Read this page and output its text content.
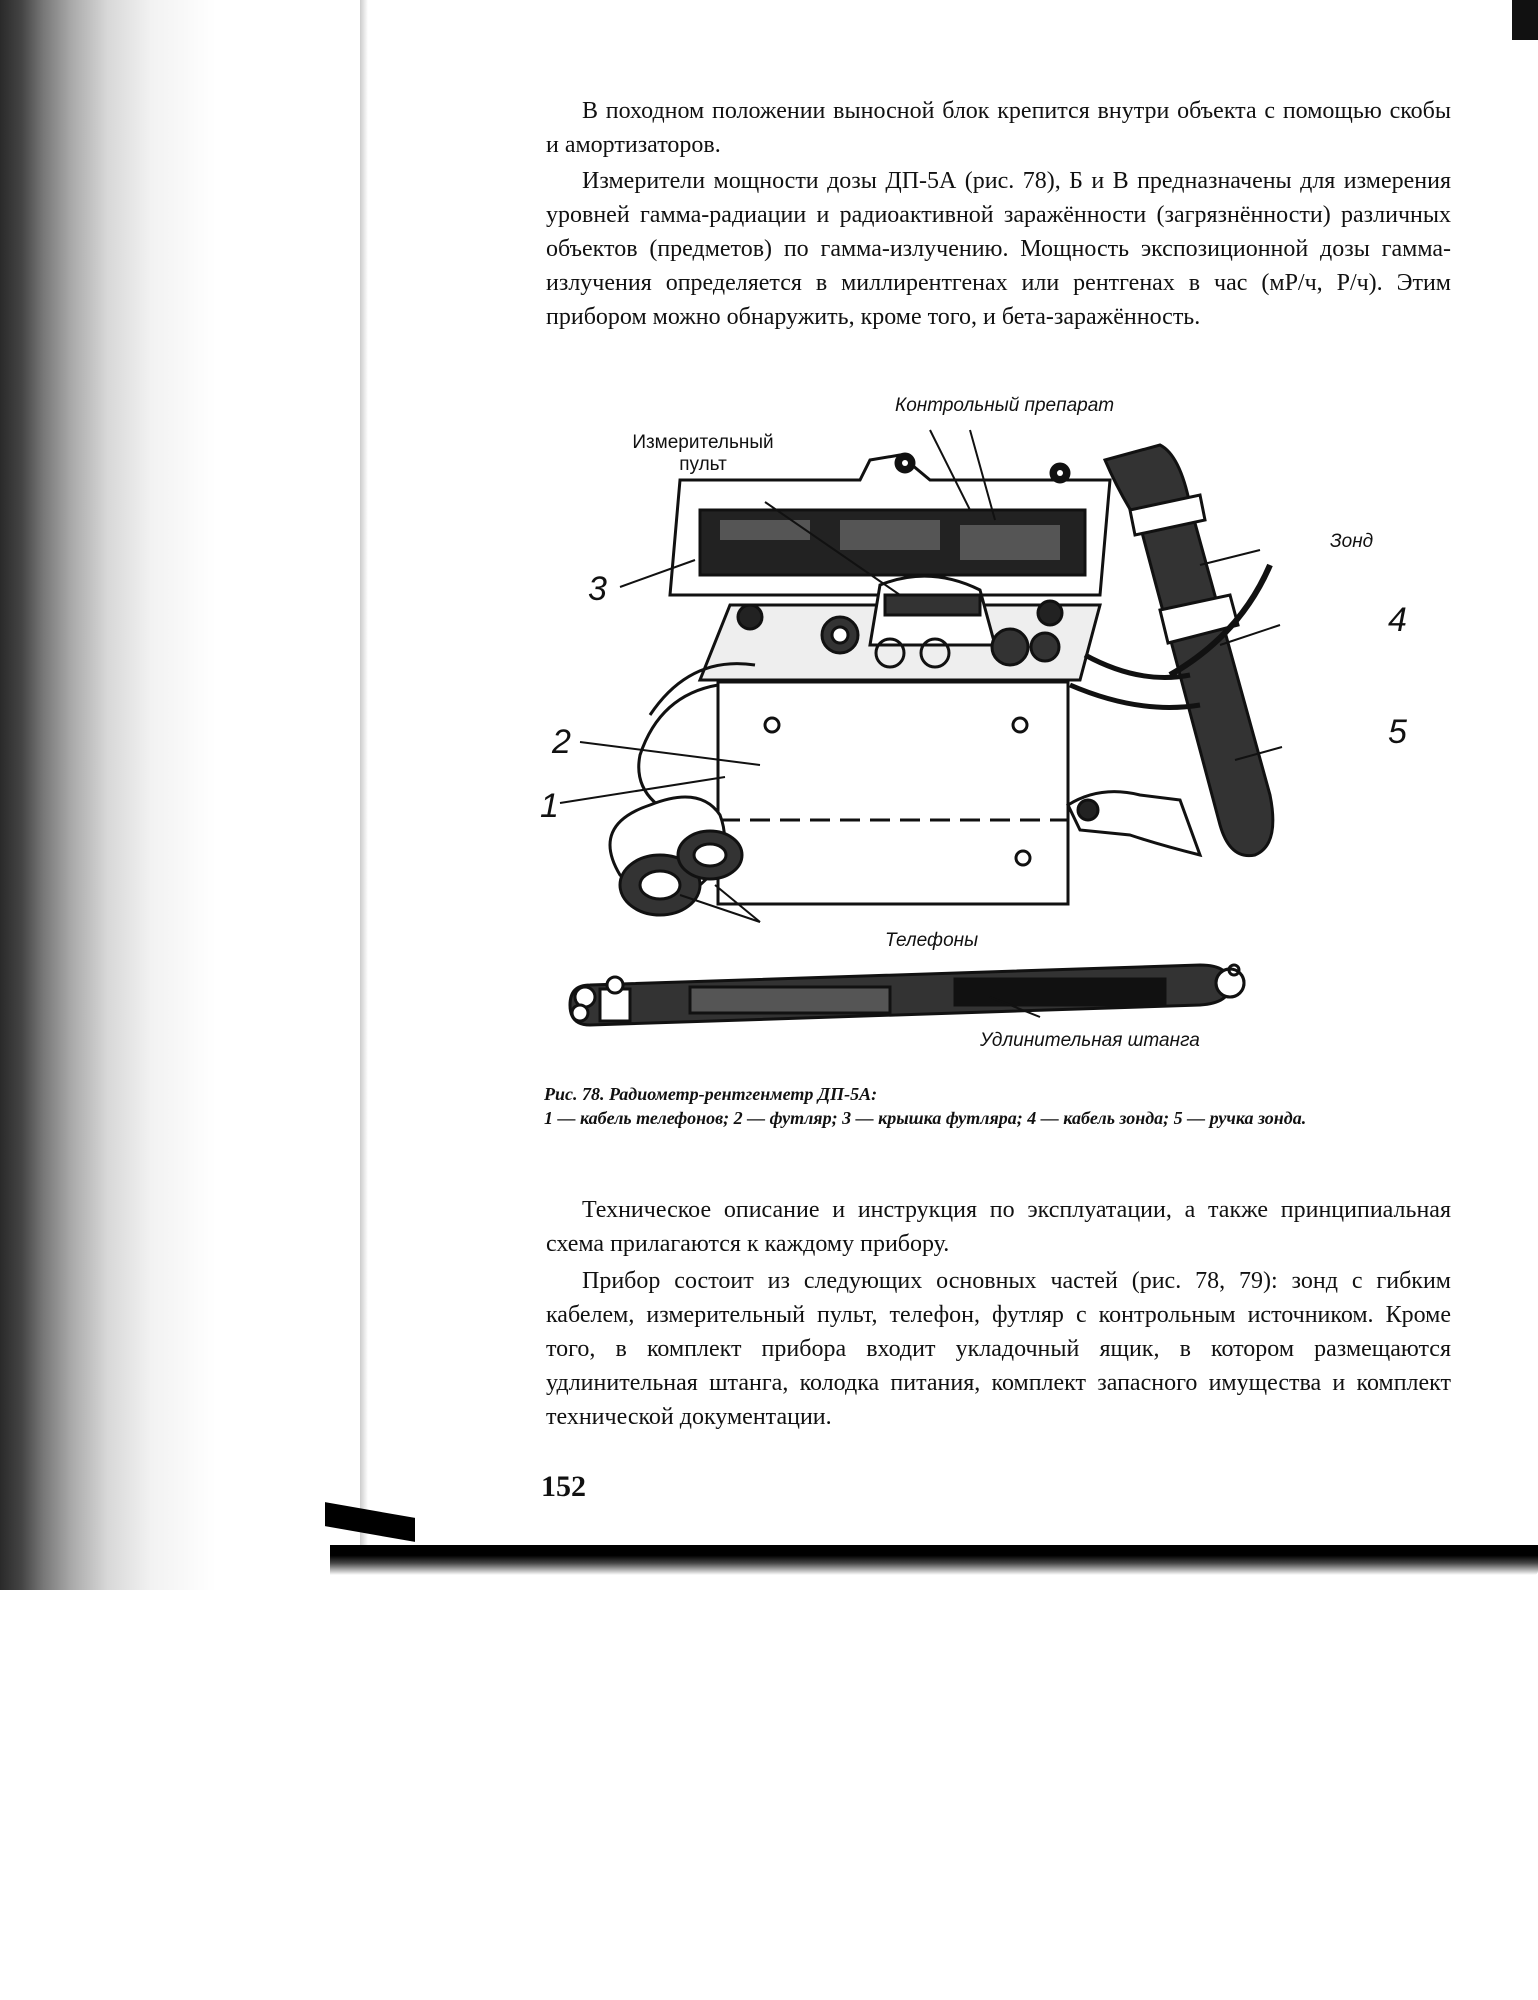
В походном положении выносной блок крепится внутри объекта с помощью скобы и амортизаторов.

Измерители мощности дозы ДП-5А (рис. 78), Б и В предназначены для измерения уровней гамма-радиации и радиоактивной заражённости (загрязнённости) различных объектов (предметов) по гамма-излучению. Мощность экспозиционной дозы гамма-излучения определяется в миллирентгенах или рентгенах в час (мР/ч, Р/ч). Этим прибором можно обнаружить, кроме того, и бета-заражённость.

Контрольный препарат
Измерительный пульт
Зонд
Телефоны
Удлинительная штанга
3
2
1
4
5
Рис. 78. Радиометр-рентгенметр ДП-5А:
1 — кабель телефонов; 2 — футляр; 3 — крышка футляра; 4 — кабель зонда; 5 — ручка зонда.

Техническое описание и инструкция по эксплуатации, а также принципиальная схема прилагаются к каждому прибору.

Прибор состоит из следующих основных частей (рис. 78, 79): зонд с гибким кабелем, измерительный пульт, телефон, футляр с контрольным источником. Кроме того, в комплект прибора входит укладочный ящик, в котором размещаются удлинительная штанга, колодка питания, комплект запасного имущества и комплект технической документации.

152
